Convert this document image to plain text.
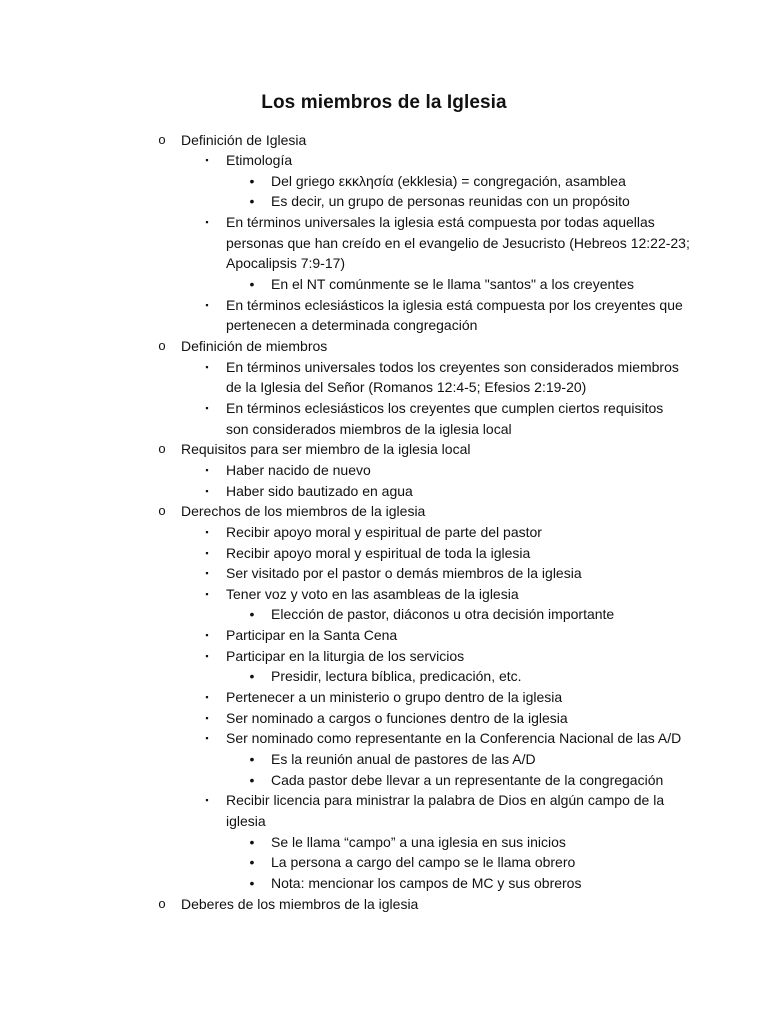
Los miembros de la Iglesia
o Definición de Iglesia
▪	Etimología
•	Del griego εκκλησία (ekklesia) = congregación, asamblea
•	Es decir, un grupo de personas reunidas con un propósito
▪	En términos universales la iglesia está compuesta por todas aquellas
personas que han creído en el evangelio de Jesucristo (Hebreos 12:22-23;
Apocalipsis 7:9-17)
•	En el NT comúnmente se le llama "santos" a los creyentes
▪	En términos eclesiásticos la iglesia está compuesta por los creyentes que
pertenecen a determinada congregación
o Definición de miembros
▪	En términos universales todos los creyentes son considerados miembros
de la Iglesia del Señor (Romanos 12:4-5; Efesios 2:19-20)
▪	En términos eclesiásticos los creyentes que cumplen ciertos requisitos
son considerados miembros de la iglesia local
o Requisitos para ser miembro de la iglesia local
▪	Haber nacido de nuevo
▪	Haber sido bautizado en agua
o Derechos de los miembros de la iglesia
▪	Recibir apoyo moral y espiritual de parte del pastor
▪	Recibir apoyo moral y espiritual de toda la iglesia
▪	Ser visitado por el pastor o demás miembros de la iglesia
▪	Tener voz y voto en las asambleas de la iglesia
•	Elección de pastor, diáconos u otra decisión importante
▪	Participar en la Santa Cena
▪	Participar en la liturgia de los servicios
•	Presidir, lectura bíblica, predicación, etc.
▪	Pertenecer a un ministerio o grupo dentro de la iglesia
▪	Ser nominado a cargos o funciones dentro de la iglesia
▪	Ser nominado como representante en la Conferencia Nacional de las A/D
•	Es la reunión anual de pastores de las A/D
•	Cada pastor debe llevar a un representante de la congregación
▪	Recibir licencia para ministrar la palabra de Dios en algún campo de la
iglesia
•	Se le llama “campo” a una iglesia en sus inicios
•	La persona a cargo del campo se le llama obrero
•	Nota: mencionar los campos de MC y sus obreros
o Deberes de los miembros de la iglesia
